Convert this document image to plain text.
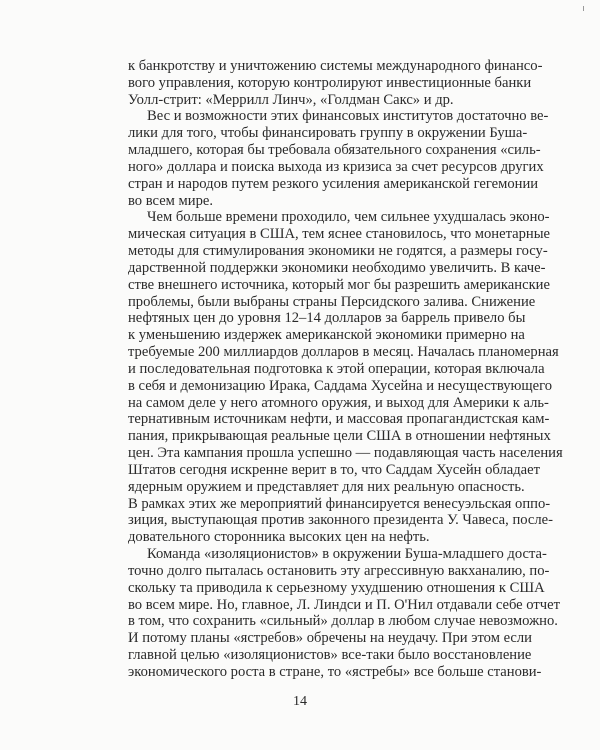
к банкротству и уничтожению системы международного финансо-
вого управления, которую контролируют инвестиционные банки
Уолл-стрит: «Меррилл Линч», «Голдман Сакс» и др.
Вес и возможности этих финансовых институтов достаточно ве-
лики для того, чтобы финансировать группу в окружении Буша-
младшего, которая бы требовала обязательного сохранения «силь-
ного» доллара и поиска выхода из кризиса за счет ресурсов других
стран и народов путем резкого усиления американской гегемонии
во всем мире.
Чем больше времени проходило, чем сильнее ухудшалась эконо-
мическая ситуация в США, тем яснее становилось, что монетарные
методы для стимулирования экономики не годятся, а размеры госу-
дарственной поддержки экономики необходимо увеличить. В каче-
стве внешнего источника, который мог бы разрешить американские
проблемы, были выбраны страны Персидского залива. Снижение
нефтяных цен до уровня 12–14 долларов за баррель привело бы
к уменьшению издержек американской экономики примерно на
требуемые 200 миллиардов долларов в месяц. Началась планомерная
и последовательная подготовка к этой операции, которая включала
в себя и демонизацию Ирака, Саддама Хусейна и несуществующего
на самом деле у него атомного оружия, и выход для Америки к аль-
тернативным источникам нефти, и массовая пропагандистская кам-
пания, прикрывающая реальные цели США в отношении нефтяных
цен. Эта кампания прошла успешно — подавляющая часть населения
Штатов сегодня искренне верит в то, что Саддам Хусейн обладает
ядерным оружием и представляет для них реальную опасность.
В рамках этих же мероприятий финансируется венесуэльская оппо-
зиция, выступающая против законного президента У. Чавеса, после-
довательного сторонника высоких цен на нефть.
Команда «изоляционистов» в окружении Буша-младшего доста-
точно долго пыталась остановить эту агрессивную вакханалию, по-
скольку та приводила к серьезному ухудшению отношения к США
во всем мире. Но, главное, Л. Линдси и П. О'Нил отдавали себе отчет
в том, что сохранить «сильный» доллар в любом случае невозможно.
И потому планы «ястребов» обречены на неудачу. При этом если
главной целью «изоляционистов» все-таки было восстановление
экономического роста в стране, то «ястребы» все больше станови-
14
